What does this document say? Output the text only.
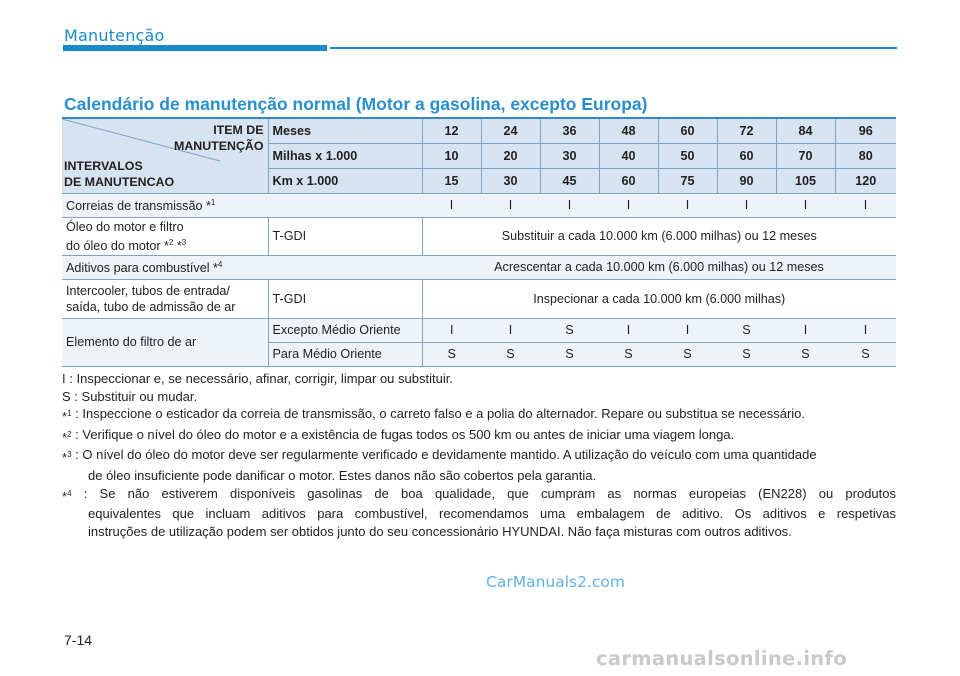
Manutenção
Calendário de manutenção normal (Motor a gasolina, excepto Europa)
ITEM DE
MANUTENÇÃO
INTERVALOS
DE MANUTENCAO	Meses	12	24	36	48	60	72	84	96
	Milhas x 1.000	10	20	30	40	50	60	70	80
	Km x 1.000	15	30	45	60	75	90	105	120
Correias de transmissão *$^1$		I	I	I	I	I	I	I	I

Óleo do motor e filtro
do óleo do motor *$^2$ *$^3$	T-GDI	Substituir a cada 10.000 km (6.000 milhas) ou 12 meses							
Aditivos para combustível *$^4$		Acrescentar a cada 10.000 km (6.000 milhas) ou 12 meses							

Intercooler, tubos de entrada/
saída, tubo de admissão de ar	T-GDI	Inspecionar a cada 10.000 km (6.000 milhas)							
Elemento do filtro de ar	Excepto Médio Oriente	I	I	S	I	I	S	I	I
	Para Médio Oriente	S	S	S	S	S	S	S	S
I : Inspeccionar e, se necessário, afinar, corrigir, limpar ou substituir.
S : Substituir ou mudar.
*$^1$ : Inspeccione o esticador da correia de transmissão, o carreto falso e a polia do alternador. Repare ou substitua se necessário.
*$^2$ : Verifique o nível do óleo do motor e a existência de fugas todos os 500 km ou antes de iniciar uma viagem longa.
*$^3$ : O nível do óleo do motor deve ser regularmente verificado e devidamente mantido. A utilização do veículo com uma quantidade
de óleo insuficiente pode danificar o motor. Estes danos não são cobertos pela garantia.
*$^4$ : Se não estiverem disponíveis gasolinas de boa qualidade, que cumpram as normas europeias (EN228) ou produtos
equivalentes que incluam aditivos para combustível, recomendamos uma embalagem de aditivo. Os aditivos e respetivas
instruções de utilização podem ser obtidos junto do seu concessionário HYUNDAI. Não faça misturas com outros aditivos.
CarManuals2.com
7-14
carmanualsonline.info
